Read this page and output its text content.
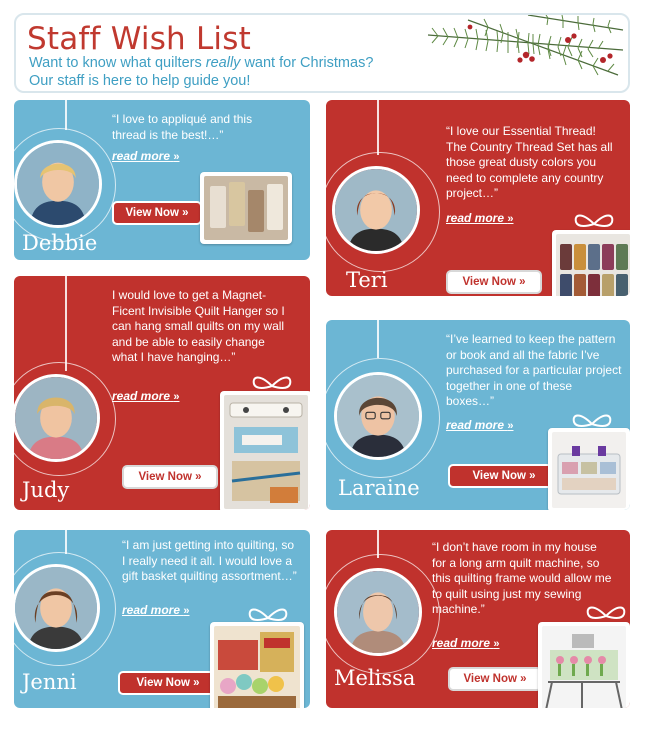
Staff Wish List
Want to know what quilters really want for Christmas?
Our staff is here to help guide you!
Debbie
“I love to appliqué and this thread is the best!…”
read more »
View Now »
Teri
“I love our Essential Thread! The Country Thread Set has all those great dusty colors you need to complete any country project…”
read more »
View Now »
Judy
I would love to get a Magnet-Ficent Invisible Quilt Hanger so I can hang small quilts on my wall and be able to easily change what I have hanging…”
read more »
View Now »	Laraine
“I’ve learned to keep the pattern or book and all the fabric I’ve purchased for a particular project together in one of these boxes…”
read more »
View Now »
Jenni
“I am just getting into quilting, so I really need it all. I would love a gift basket quilting assortment…”
read more »
View Now »	Melissa
“I don’t have room in my house for a long arm quilt machine, so this quilting frame would allow me to quilt using just my sewing machine.”
read more »
View Now »
